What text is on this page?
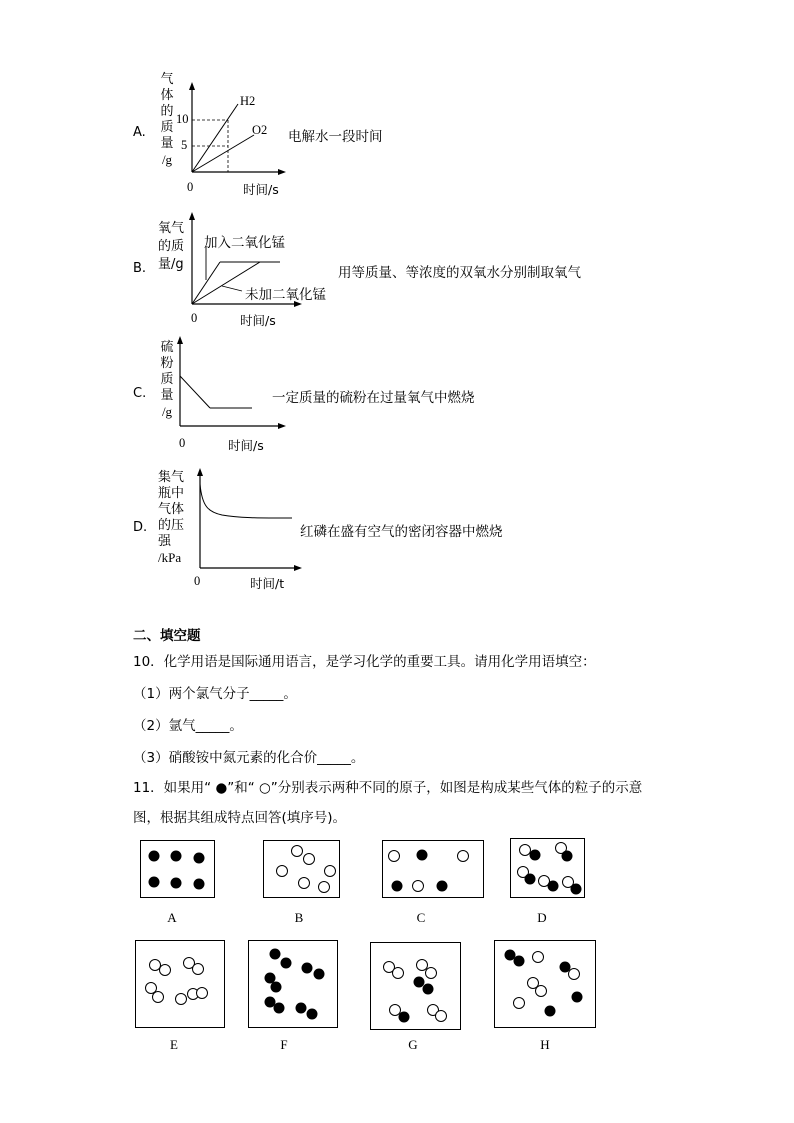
A.
气
体
的
质
量
/g
10
5
0	时间/s
H2
O2 电解水一段时间
B.
氧气
的质
量/g
加入二氧化锰
未加二氧化锰
0	时间/s
用等质量、等浓度的双氧水分别制取氧气
C.
硫
粉
质
量
/g
0	时间/s
一定质量的硫粉在过量氧气中燃烧
D.
集气
瓶中
气体
的压
强
/kPa
0	时间/t
红磷在盛有空气的密闭容器中燃烧
二、填空题
10．化学用语是国际通用语言，是学习化学的重要工具。请用化学用语填空：
（1）两个氯气分子_____。
（2）氩气_____。
（3）硝酸铵中氮元素的化合价_____。
11．如果用“ ●”和“ ○”分别表示两种不同的原子，如图是构成某些气体的粒子的示意
图，根据其组成特点回答(填序号)。
A	B	C	D
E	F	G	H
